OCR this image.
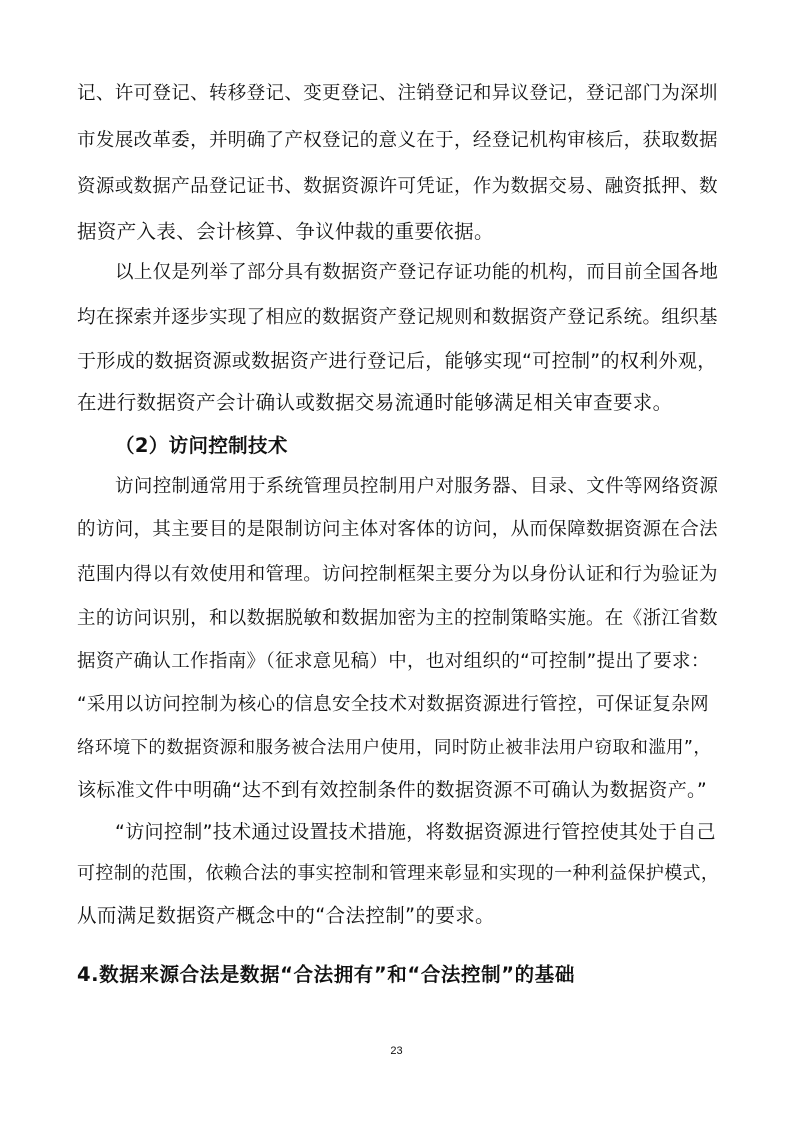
记、许可登记、转移登记、变更登记、注销登记和异议登记，登记部门为深圳
市发展改革委，并明确了产权登记的意义在于，经登记机构审核后，获取数据
资源或数据产品登记证书、数据资源许可凭证，作为数据交易、融资抵押、数
据资产入表、会计核算、争议仲裁的重要依据。
以上仅是列举了部分具有数据资产登记存证功能的机构，而目前全国各地
均在探索并逐步实现了相应的数据资产登记规则和数据资产登记系统。组织基
于形成的数据资源或数据资产进行登记后，能够实现“可控制”的权利外观，
在进行数据资产会计确认或数据交易流通时能够满足相关审查要求。
（2）访问控制技术
访问控制通常用于系统管理员控制用户对服务器、目录、文件等网络资源
的访问，其主要目的是限制访问主体对客体的访问，从而保障数据资源在合法
范围内得以有效使用和管理。访问控制框架主要分为以身份认证和行为验证为
主的访问识别，和以数据脱敏和数据加密为主的控制策略实施。在《浙江省数
据资产确认工作指南》（征求意见稿）中，也对组织的“可控制”提出了要求：
“采用以访问控制为核心的信息安全技术对数据资源进行管控，可保证复杂网
络环境下的数据资源和服务被合法用户使用，同时防止被非法用户窃取和滥用”，
该标准文件中明确“达不到有效控制条件的数据资源不可确认为数据资产。”
“访问控制”技术通过设置技术措施，将数据资源进行管控使其处于自己
可控制的范围，依赖合法的事实控制和管理来彰显和实现的一种利益保护模式，
从而满足数据资产概念中的“合法控制”的要求。
4.数据来源合法是数据“合法拥有”和“合法控制”的基础
23
